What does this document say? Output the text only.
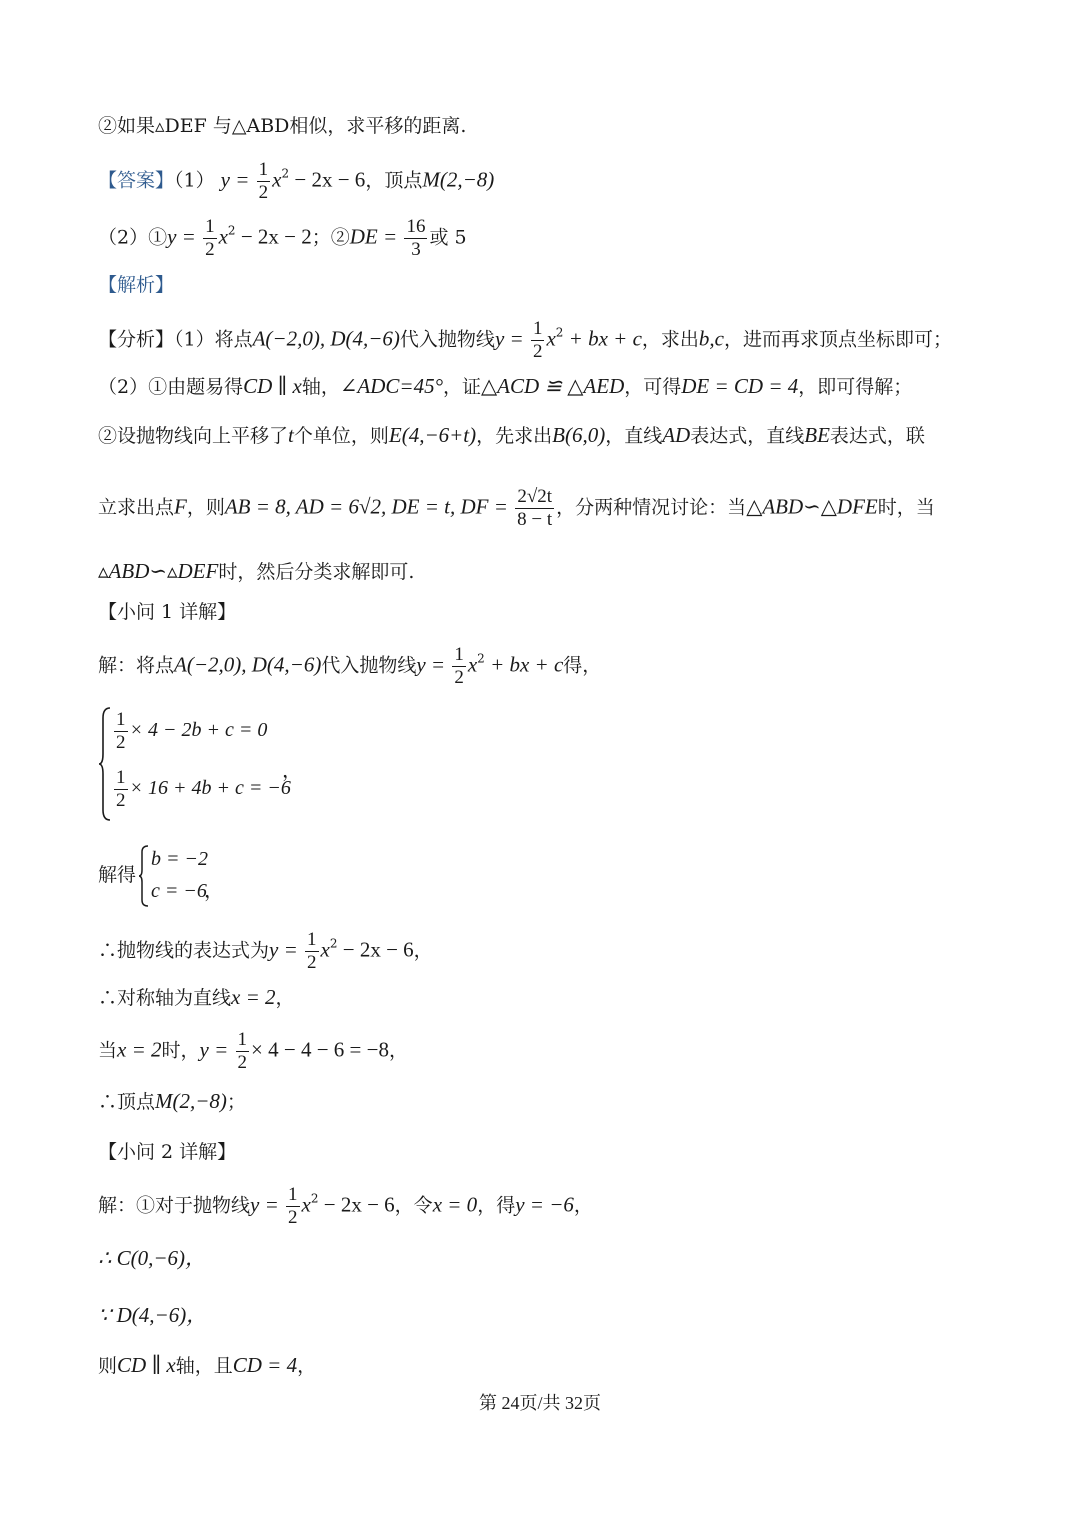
②如果▵DEF 与△ABD相似，求平移的距离.
【答案】（1） $y = \frac{1}{2} x^2 - 2x - 6$，顶点M(2,−8)
（2）①y = $\frac{1}{2} x^2 - 2x - 2$；②DE = $\frac{16}{3}$ 或 5
【解析】
【分析】（1）将点A(−2,0), D(4,−6)代入抛物线$y = \frac{1}{2} x^2$ + bx + c，求出b,c，进而再求顶点坐标即可；
（2）①由题易得CD ∥ x轴，∠ADC=45°，证△ACD ≌ △AED，可得DE = CD = 4，即可得解；
②设抛物线向上平移了t个单位，则E(4,−6+t)，先求出B(6,0)，直线AD表达式，直线BE表达式，联
立求出点F，则AB = 8, AD = 6√2, DE = t, DF = $\frac{2√2t}{8 - t}$ ，分两种情况讨论：当△ABD∽△DFE时，当
▵ABD∽▵DEF时，然后分类求解即可.
【小问 1 详解】
解：将点A(−2,0), D(4,−6)代入抛物线$y = \frac{1}{2} x^2$ + bx + c得，
$\frac{1}{2} \times 4 - 2b + c = 0$
$\frac{1}{2} \times 16 + 4b + c = -6$
，
解得
b = −2
c = −6
，
∴抛物线的表达式为$y = \frac{1}{2} x^2 - 2x - 6$，
∴对称轴为直线x = 2，
当x = 2时，$y = \frac{1}{2} \times 4 - 4 - 6 = -8$，
∴顶点M(2,−8)；
【小问 2 详解】
解：①对于抛物线$y = \frac{1}{2} x^2 - 2x - 6$，令x = 0，得y = −6，
∴ C(0,−6)，
∵ D(4,−6)，
则CD ∥ x轴，且CD = 4，
第 24页/共 32页
